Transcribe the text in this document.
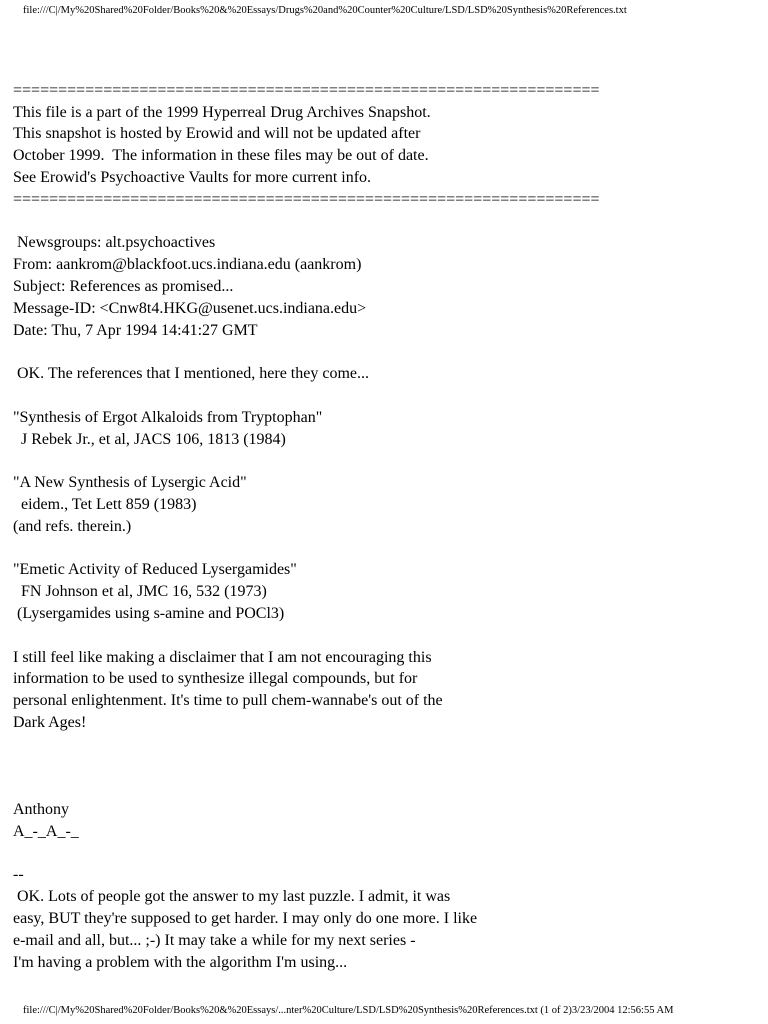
file:///C|/My%20Shared%20Folder/Books%20&%20Essays/Drugs%20and%20Counter%20Culture/LSD/LSD%20Synthesis%20References.txt
=================================================================
This file is a part of the 1999 Hyperreal Drug Archives Snapshot.
This snapshot is hosted by Erowid and will not be updated after
October 1999.  The information in these files may be out of date.
See Erowid's Psychoactive Vaults for more current info.
=================================================================
Newsgroups: alt.psychoactives
From: aankrom@blackfoot.ucs.indiana.edu (aankrom)
Subject: References as promised...
Message-ID: <Cnw8t4.HKG@usenet.ucs.indiana.edu>
Date: Thu, 7 Apr 1994 14:41:27 GMT
OK. The references that I mentioned, here they come...
"Synthesis of Ergot Alkaloids from Tryptophan"
J Rebek Jr., et al, JACS 106, 1813 (1984)
"A New Synthesis of Lysergic Acid"
eidem., Tet Lett 859 (1983)
(and refs. therein.)
"Emetic Activity of Reduced Lysergamides"
FN Johnson et al, JMC 16, 532 (1973)
(Lysergamides using s-amine and POCl3)
I still feel like making a disclaimer that I am not encouraging this
information to be used to synthesize illegal compounds, but for
personal enlightenment. It's time to pull chem-wannabe's out of the
Dark Ages!
Anthony
A_-_A_-_
--
OK. Lots of people got the answer to my last puzzle. I admit, it was
easy, BUT they're supposed to get harder. I may only do one more. I like
e-mail and all, but... ;-) It may take a while for my next series -
I'm having a problem with the algorithm I'm using...
file:///C|/My%20Shared%20Folder/Books%20&%20Essays/...nter%20Culture/LSD/LSD%20Synthesis%20References.txt (1 of 2)3/23/2004 12:56:55 AM
